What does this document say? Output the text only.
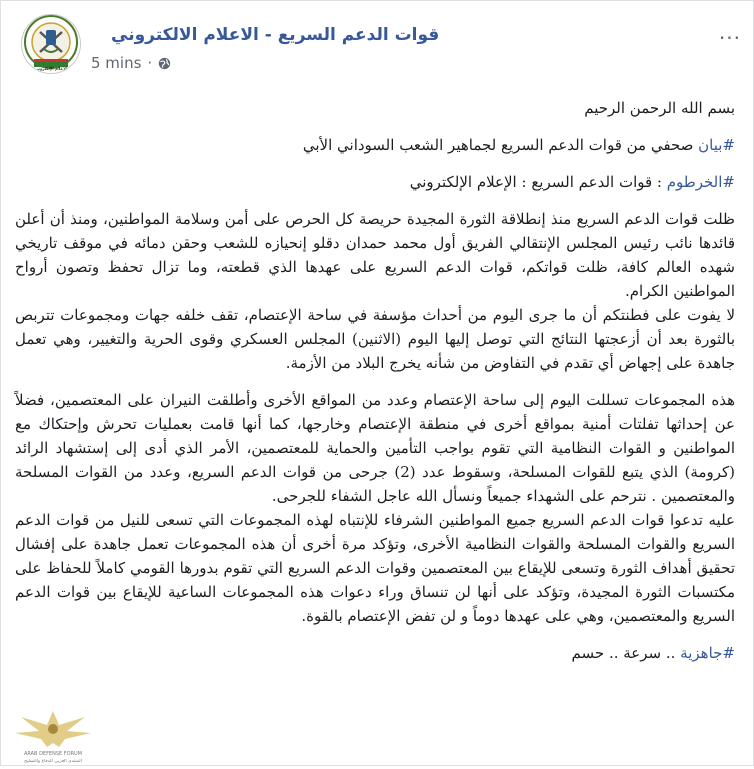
الإعلام الإلكتروني
قوات الدعم السريع - الاعلام الالكتروني
5 mins ·
···

بسم الله الرحمن الرحيم

#بيان صحفي من قوات الدعم السريع لجماهير الشعب السوداني الأبي

#الخرطوم : قوات الدعم السريع : الإعلام الإلكتروني

ظلت قوات الدعم السريع منذ إنطلاقة الثورة المجيدة حريصة كل الحرص على أمن وسلامة المواطنين، ومنذ أن أعلن قائدها نائب رئيس المجلس الإنتقالي الفريق أول محمد حمدان دقلو إنحيازه للشعب وحقن دمائه في موقف تاريخي شهده العالم كافة، ظلت قواتكم، قوات الدعم السريع على عهدها الذي قطعته، وما تزال تحفظ وتصون أرواح المواطنين الكرام.

لا يفوت على فطنتكم أن ما جرى اليوم من أحداث مؤسفة في ساحة الإعتصام، تقف خلفه جهات ومجموعات تتربص بالثورة بعد أن أزعجتها النتائج التي توصل إليها اليوم (الاثنين) المجلس العسكري وقوى الحرية والتغيير، وهي تعمل جاهدة على إجهاض أي تقدم في التفاوض من شأنه يخرج البلاد من الأزمة.

هذه المجموعات تسللت اليوم إلى ساحة الإعتصام وعدد من المواقع الأخرى وأطلقت النيران على المعتصمين، فضلاً عن إحداثها تفلتات أمنية بمواقع أخرى في منطقة الإعتصام وخارجها، كما أنها قامت بعمليات تحرش وإحتكاك مع المواطنين و القوات النظامية التي تقوم بواجب التأمين والحماية للمعتصمين، الأمر الذي أدى إلى إستشهاد الرائد (كرومة) الذي يتبع للقوات المسلحة، وسقوط عدد (2) جرحى من قوات الدعم السريع، وعدد من القوات المسلحة والمعتصمين . نترحم على الشهداء جميعاً ونسأل الله عاجل الشفاء للجرحى.

عليه تدعوا قوات الدعم السريع جميع المواطنين الشرفاء للإنتباه لهذه المجموعات التي تسعى للنيل من قوات الدعم السريع والقوات المسلحة والقوات النظامية الأخرى، وتؤكد مرة أخرى أن هذه المجموعات تعمل جاهدة على إفشال تحقيق أهداف الثورة وتسعى للإيقاع بين المعتصمين وقوات الدعم السريع التي تقوم بدورها القومي كاملاً للحفاظ على مكتسبات الثورة المجيدة، وتؤكد على أنها لن تنساق وراء دعوات هذه المجموعات الساعية للإيقاع بين قوات الدعم السريع والمعتصمين، وهي على عهدها دوماً و لن تفض الإعتصام بالقوة.

#جاهزية .. سرعة .. حسم

ARAB DEFENSE FORUM
المنتدى العربي للدفاع والتسليح
